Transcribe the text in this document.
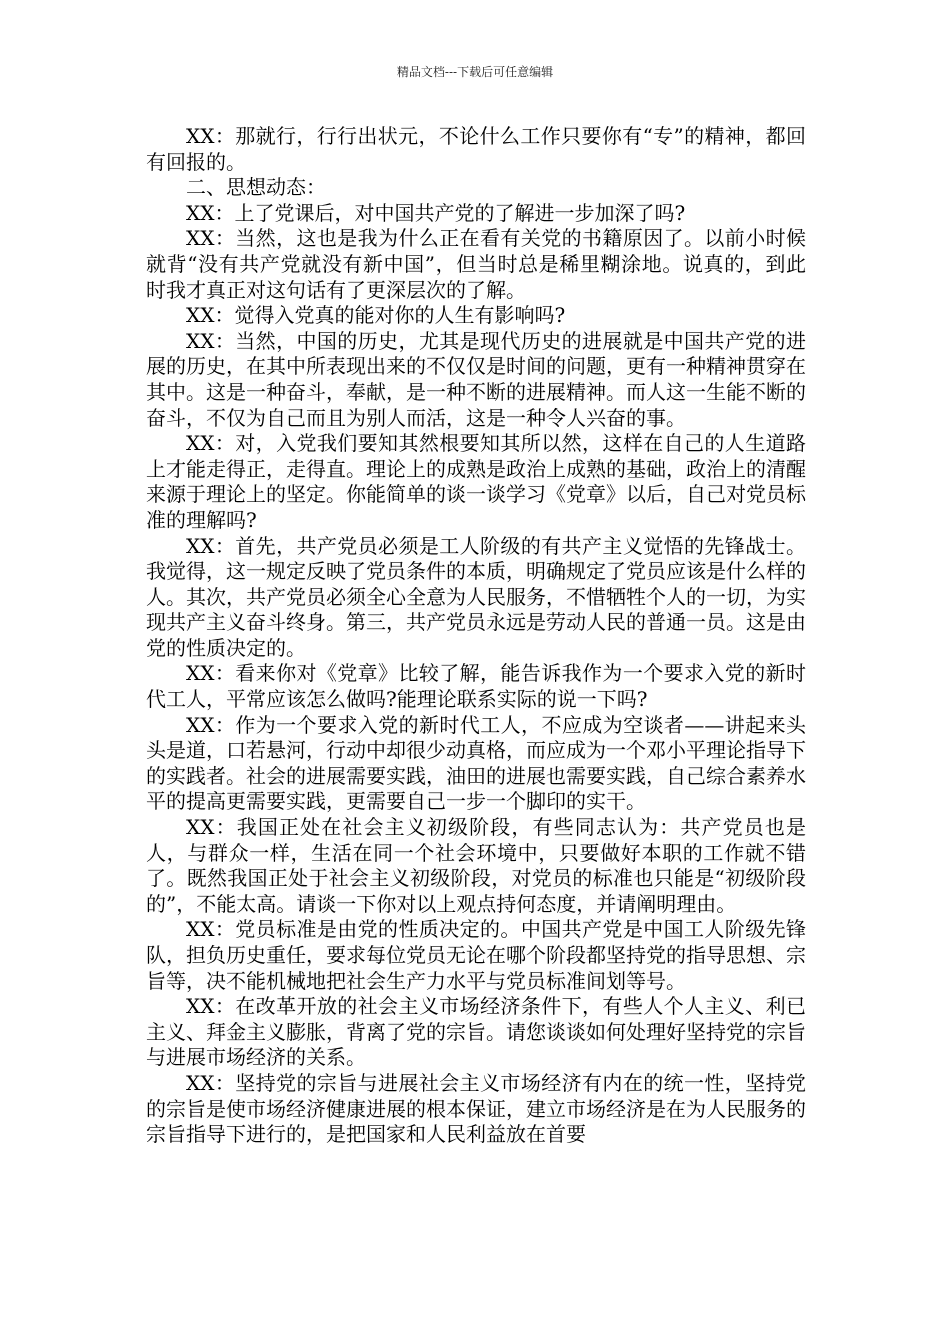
精品文档---下载后可任意编辑

XX：那就行，行行出状元，不论什么工作只要你有“专”的精神，都回有回报的。

二、思想动态：

XX：上了党课后，对中国共产党的了解进一步加深了吗?

XX：当然，这也是我为什么正在看有关党的书籍原因了。以前小时候就背“没有共产党就没有新中国”，但当时总是稀里糊涂地。说真的，到此时我才真正对这句话有了更深层次的了解。

XX：觉得入党真的能对你的人生有影响吗?

XX：当然，中国的历史，尤其是现代历史的进展就是中国共产党的进展的历史，在其中所表现出来的不仅仅是时间的问题，更有一种精神贯穿在其中。这是一种奋斗，奉献，是一种不断的进展精神。而人这一生能不断的奋斗，不仅为自己而且为别人而活，这是一种令人兴奋的事。

XX：对，入党我们要知其然根要知其所以然，这样在自己的人生道路上才能走得正，走得直。理论上的成熟是政治上成熟的基础，政治上的清醒来源于理论上的坚定。你能简单的谈一谈学习《党章》以后，自己对党员标准的理解吗?

XX：首先，共产党员必须是工人阶级的有共产主义觉悟的先锋战士。我觉得，这一规定反映了党员条件的本质，明确规定了党员应该是什么样的人。其次，共产党员必须全心全意为人民服务，不惜牺牲个人的一切，为实现共产主义奋斗终身。第三，共产党员永远是劳动人民的普通一员。这是由党的性质决定的。

XX：看来你对《党章》比较了解，能告诉我作为一个要求入党的新时代工人，平常应该怎么做吗?能理论联系实际的说一下吗?

XX：作为一个要求入党的新时代工人，不应成为空谈者——讲起来头头是道，口若悬河，行动中却很少动真格，而应成为一个邓小平理论指导下的实践者。社会的进展需要实践，油田的进展也需要实践，自己综合素养水平的提高更需要实践，更需要自己一步一个脚印的实干。

XX：我国正处在社会主义初级阶段，有些同志认为：共产党员也是人，与群众一样，生活在同一个社会环境中，只要做好本职的工作就不错了。既然我国正处于社会主义初级阶段，对党员的标准也只能是“初级阶段的”，不能太高。请谈一下你对以上观点持何态度，并请阐明理由。

XX：党员标准是由党的性质决定的。中国共产党是中国工人阶级先锋队，担负历史重任，要求每位党员无论在哪个阶段都坚持党的指导思想、宗旨等，决不能机械地把社会生产力水平与党员标准间划等号。

XX：在改革开放的社会主义市场经济条件下，有些人个人主义、利已主义、拜金主义膨胀，背离了党的宗旨。请您谈谈如何处理好坚持党的宗旨与进展市场经济的关系。

XX：坚持党的宗旨与进展社会主义市场经济有内在的统一性，坚持党的宗旨是使市场经济健康进展的根本保证，建立市场经济是在为人民服务的宗旨指导下进行的，是把国家和人民利益放在首要
